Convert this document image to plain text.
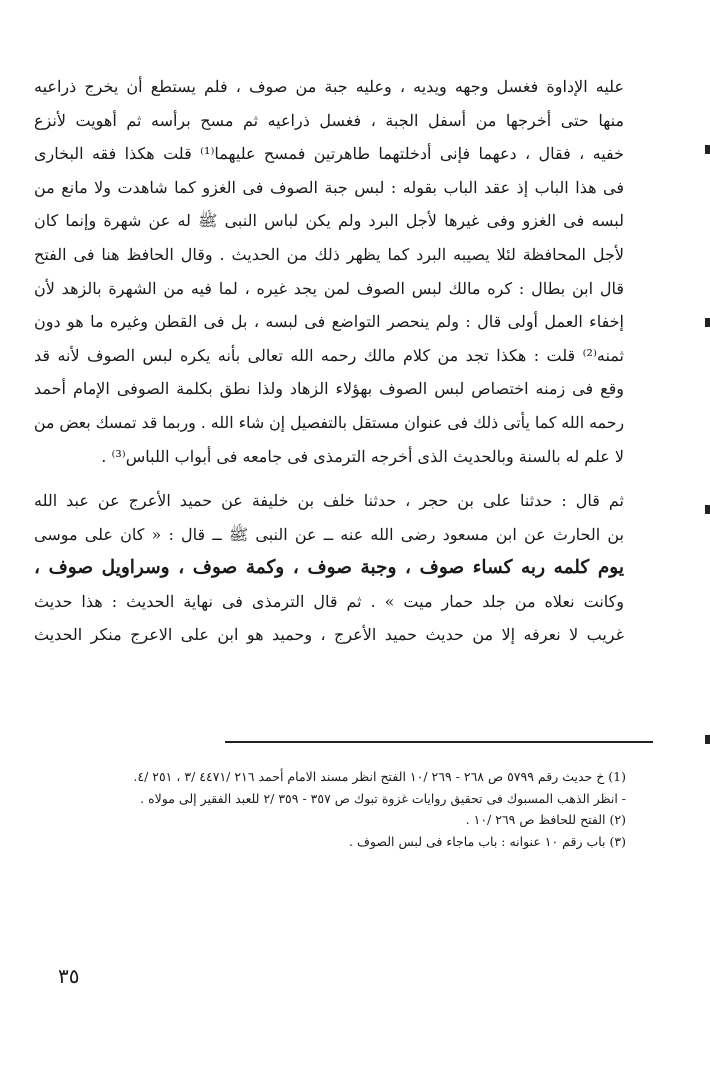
عليه الإداوة فغسل وجهه ويديه ، وعليه جبة من صوف ، فلم يستطع أن يخرج ذراعيه
منها حتى أخرجها من أسفل الجبة ، فغسل ذراعيه ثم مسح برأسه ثم أهويت لأنزع
خفيه ، فقال ، دعهما فإنى أدخلتهما طاهرتين فمسح عليهما⁽¹⁾ قلت هكذا فقه البخارى
فى هذا الباب إذ عقد الباب بقوله : لبس جبة الصوف فى الغزو كما شاهدت ولا مانع من
لبسه فى الغزو وفى غيرها لأجل البرد ولم يكن لباس النبى ﷺ له عن شهرة وإنما كان
لأجل المحافظة لئلا يصيبه البرد كما يظهر ذلك من الحديث . وقال الحافظ هنا فى الفتح
قال ابن بطال : كره مالك لبس الصوف لمن يجد غيره ، لما فيه من الشهرة بالزهد لأن
إخفاء العمل أولى قال : ولم ينحصر التواضع فى لبسه ، بل فى القطن وغيره ما هو دون
ثمنه⁽²⁾ قلت : هكذا تجد من كلام مالك رحمه الله تعالى بأنه يكره لبس الصوف لأنه قد
وقع فى زمنه اختصاص لبس الصوف بهؤلاء الزهاد ولذا نطق بكلمة الصوفى الإمام أحمد
رحمه الله كما يأتى ذلك فى عنوان مستقل بالتفصيل إن شاء الله . وربما قد تمسك بعض من
لا علم له بالسنة وبالحديث الذى أخرجه الترمذى فى جامعه فى أبواب اللباس⁽³⁾ .
ثم قال : حدثنا على بن حجر ، حدثنا خلف بن خليفة عن حميد الأعرج عن عبد الله
بن الحارث عن ابن مسعود رضى الله عنه ــ عن النبى ﷺ ــ قال : « كان على موسى
يوم كلمه ربه كساء صوف ، وجبة صوف ، وكمة صوف ، وسراويل صوف ،
وكانت نعلاه من جلد حمار ميت » . ثم قال الترمذى فى نهاية الحديث : هذا حديث
غريب لا نعرفه إلا من حديث حميد الأعرج ، وحميد هو ابن على الاعرج منكر الحديث
(1) خ حديث رقم ٥٧٩٩ ص ٢٦٨ - ٢٦٩ /١٠ الفتح انظر مسند الامام أحمد ٢١٦ /٤٤٧١ /٣ ، ٢٥١ /٤.
- انظر الذهب المسبوك فى تحقيق روايات غزوة تبوك ص ٣٥٧ - ٣٥٩ /٢ للعبد الفقير إلى مولاه .
(٢) الفتح للحافظ ص ٢٦٩ /١٠ .
(٣) باب رقم ١٠ عنوانه : باب ماجاء فى لبس الصوف .
٣٥
